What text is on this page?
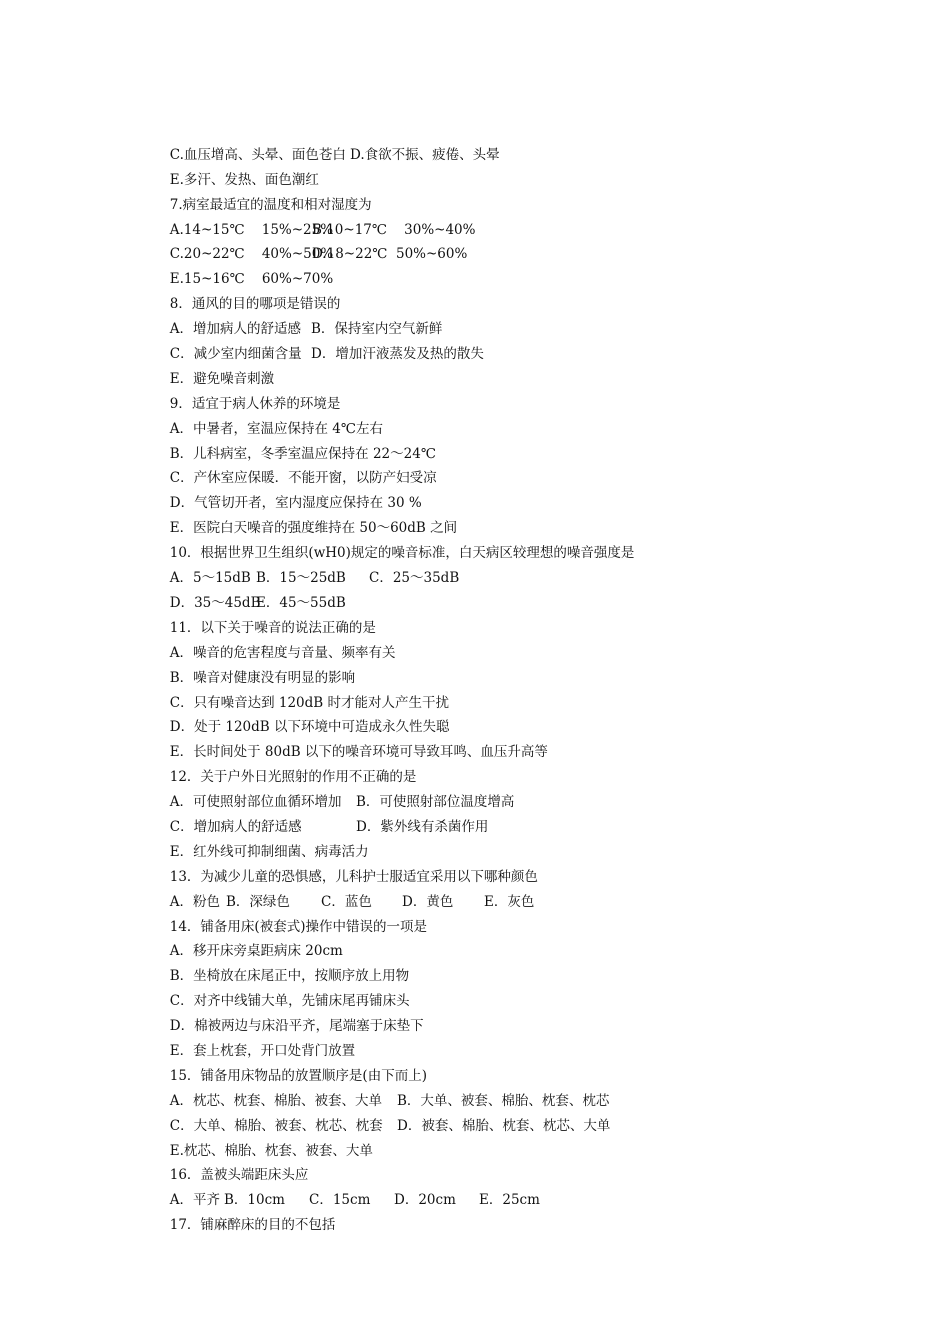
C.血压增高、头晕、面色苍白 D.食欲不振、疲倦、头晕

E.多汗、发热、面色潮红

7.病室最适宜的温度和相对湿度为

A.14~15℃    15%~25%
B.10~17℃    30%~40%

C.20~22℃    40%~50%
D.18~22℃  50%~60%

E.15~16℃    60%~70%

8．通风的目的哪项是错误的

A．增加病人的舒适感 B．保持室内空气新鲜

C．减少室内细菌含量 D．增加汗液蒸发及热的散失

E．避免噪音刺激

9．适宜于病人休养的环境是

A．中暑者，室温应保持在 4℃左右

B．儿科病室，冬季室温应保持在 22～24℃

C．产休室应保暖．不能开窗，以防产妇受凉

D．气管切开者，室内湿度应保持在 30 %

E．医院白天噪音的强度维持在 50～60dB 之间

10．根据世界卫生组织(wH0)规定的噪音标准，白天病区较理想的噪音强度是

A．5～15dB B．15～25dB C．25～35dB

D．35～45dB
E．45～55dB

11．以下关于噪音的说法正确的是

A．噪音的危害程度与音量、频率有关

B．噪音对健康没有明显的影响

C．只有噪音达到 120dB 时才能对人产生干扰

D．处于 120dB 以下环境中可造成永久性失聪

E．长时间处于 80dB 以下的噪音环境可导致耳鸣、血压升高等

12．关于户外日光照射的作用不正确的是

A．可使照射部位血循环增加 B．可使照射部位温度增高

C．增加病人的舒适感	D．紫外线有杀菌作用

E．红外线可抑制细菌、病毒活力

13．为减少儿童的恐惧感，儿科护士服适宜采用以下哪种颜色

A．粉色 B．深绿色 C．蓝色 D．黄色 E．灰色

14．铺备用床(被套式)操作中错误的一项是

A．移开床旁桌距病床 20cm

B．坐椅放在床尾正中，按顺序放上用物

C．对齐中线铺大单，先铺床尾再铺床头

D．棉被两边与床沿平齐，尾端塞于床垫下

E．套上枕套，开口处背门放置

15．铺备用床物品的放置顺序是(由下而上)

A．枕芯、枕套、棉胎、被套、大单 B．大单、被套、棉胎、枕套、枕芯

C．大单、棉胎、被套、枕芯、枕套 D．被套、棉胎、枕套、枕芯、大单

E.枕芯、棉胎、枕套、被套、大单

16．盖被头端距床头应

A．平齐 B．10cm C．15cm D．20cm E．25cm

17．铺麻醉床的目的不包括
